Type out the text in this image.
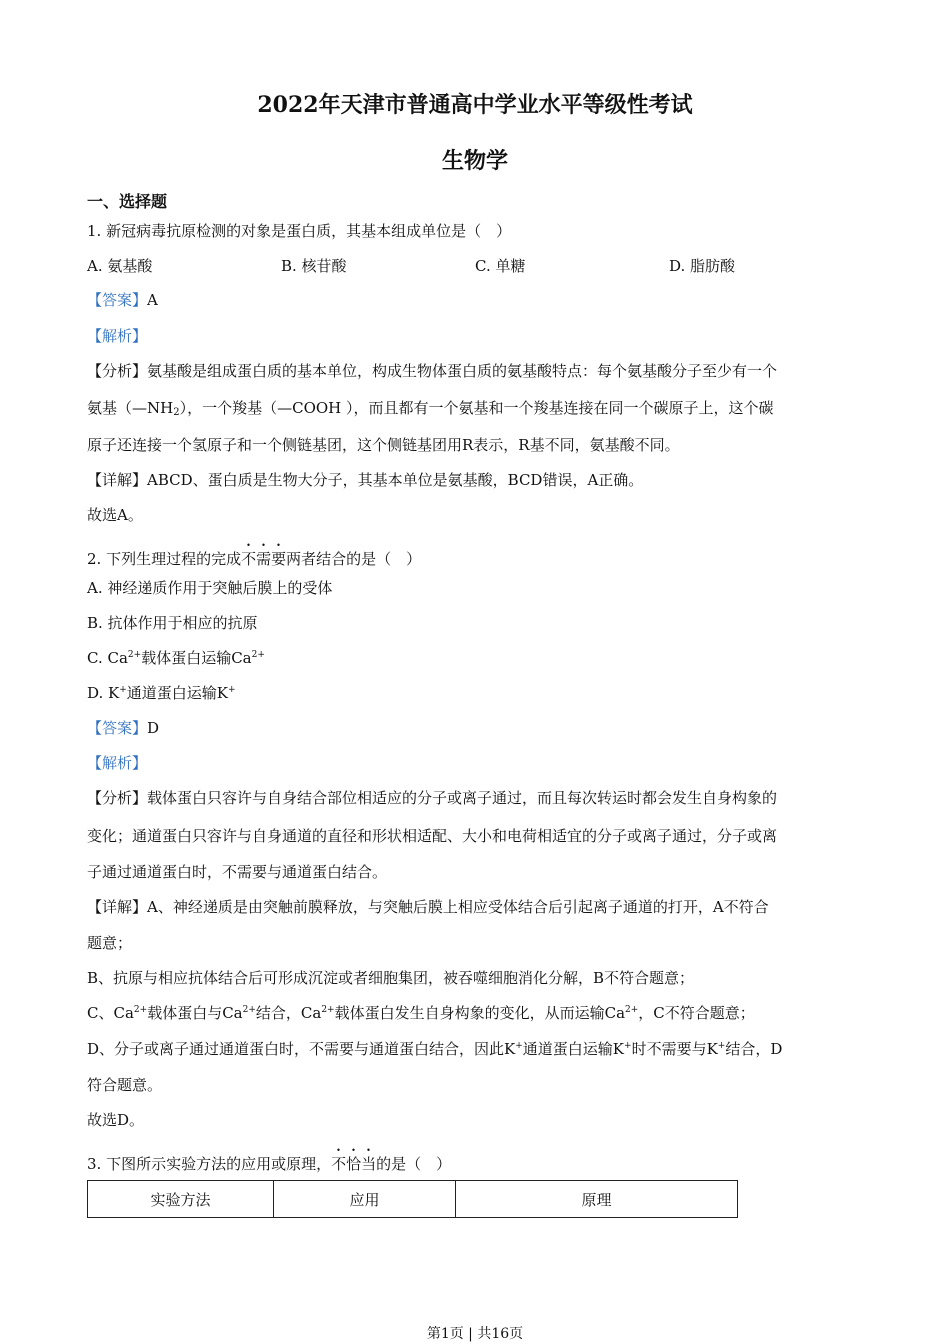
2022年天津市普通高中学业水平等级性考试
生物学
一、选择题
1. 新冠病毒抗原检测的对象是蛋白质，其基本组成单位是（　）
A. 氨基酸	B. 核苷酸	C. 单糖	D. 脂肪酸
【答案】A
【解析】
【分析】氨基酸是组成蛋白质的基本单位，构成生物体蛋白质的氨基酸特点：每个氨基酸分子至少有一个
氨基$(—NH_2)$，一个羧基（—COOH ），而且都有一个氨基和一个羧基连接在同一个碳原子上，这个碳
原子还连接一个氢原子和一个侧链基团，这个侧链基团用R表示，R基不同，氨基酸不同。
【详解】ABCD、蛋白质是生物大分子，其基本单位是氨基酸，BCD错误，A正确。
故选A。
2. 下列生理过程的完成不需要两者结合的是（　）
A. 神经递质作用于突触后膜上的受体
B. 抗体作用于相应的抗原
C. $Ca^{2+}$载体蛋白运输$Ca^{2+}$
D. K+通道蛋白运输K+
【答案】D
【解析】
【分析】载体蛋白只容许与自身结合部位相适应的分子或离子通过，而且每次转运时都会发生自身构象的
变化；通道蛋白只容许与自身通道的直径和形状相适配、大小和电荷相适宜的分子或离子通过，分子或离
子通过通道蛋白时，不需要与通道蛋白结合。
【详解】A、神经递质是由突触前膜释放，与突触后膜上相应受体结合后引起离子通道的打开，A不符合
题意；
B、抗原与相应抗体结合后可形成沉淀或者细胞集团，被吞噬细胞消化分解，B不符合题意；
C、$Ca^{2+}$载体蛋白与$Ca^{2+}$结合，$Ca^{2+}$载体蛋白发生自身构象的变化，从而运输$Ca^{2+}$，C不符合题意；
D、分子或离子通过通道蛋白时，不需要与通道蛋白结合，因此K+通道蛋白运输K+时不需要与K+结合，D
符合题意。
故选D。
3. 下图所示实验方法的应用或原理，不恰当的是（　）
实验方法	应用	原理
第1页 | 共16页
